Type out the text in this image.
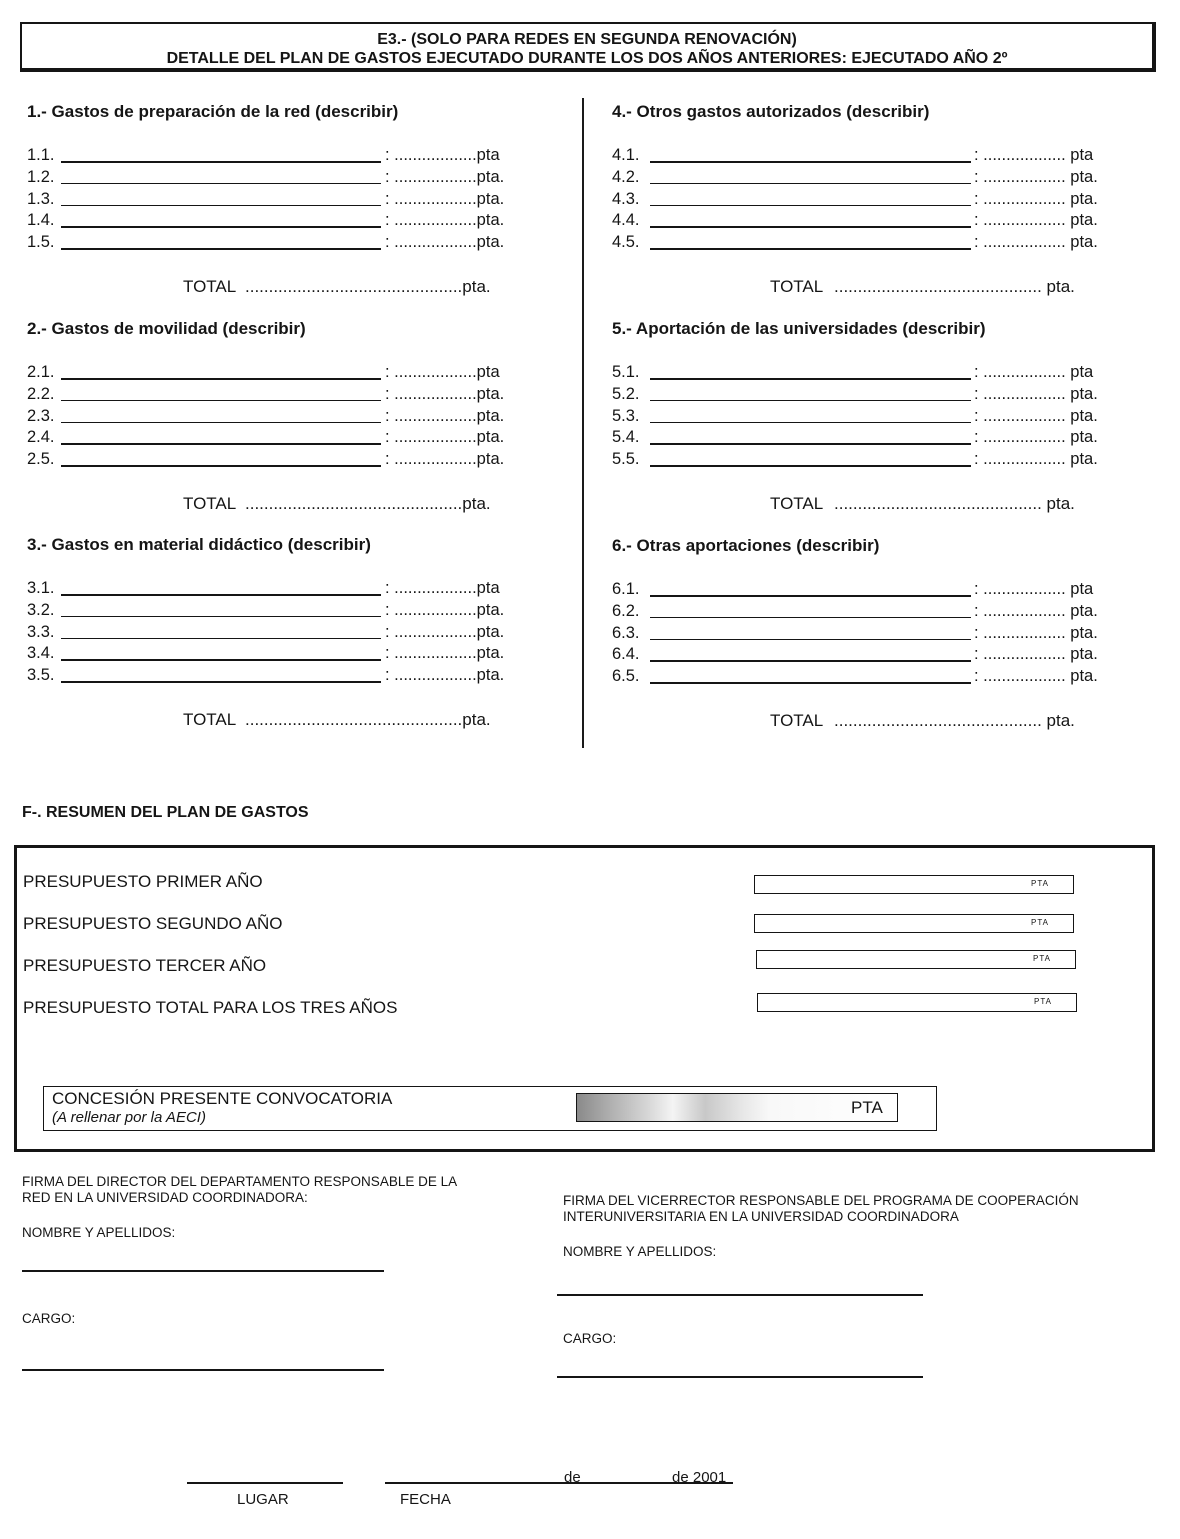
E3.- (SOLO PARA REDES EN SEGUNDA RENOVACIÓN)
DETALLE DEL PLAN DE GASTOS EJECUTADO DURANTE LOS DOS AÑOS ANTERIORES: EJECUTADO AÑO 2º
1.- Gastos de preparación de la red (describir)
1.1.	: ..................pta
1.2.	: ..................pta.
1.3.	: ..................pta.
1.4.	: ..................pta.
1.5.	: ..................pta.
TOTAL ..............................................pta.
2.- Gastos de movilidad (describir)
2.1.	: ..................pta
2.2.	: ..................pta.
2.3.	: ..................pta.
2.4.	: ..................pta.
2.5.	: ..................pta.
TOTAL ..............................................pta.
3.- Gastos en material didáctico (describir)
3.1.	: ..................pta
3.2.	: ..................pta.
3.3.	: ..................pta.
3.4.	: ..................pta.
3.5.	: ..................pta.
TOTAL ..............................................pta.
4.- Otros gastos autorizados (describir)
4.1.	: .................. pta
4.2.	: .................. pta.
4.3.	: .................. pta.
4.4.	: .................. pta.
4.5.	: .................. pta.
TOTAL ............................................ pta.
5.- Aportación de las universidades (describir)
5.1.	: .................. pta
5.2.	: .................. pta.
5.3.	: .................. pta.
5.4.	: .................. pta.
5.5.	: .................. pta.
TOTAL ............................................ pta.
6.- Otras aportaciones (describir)
6.1.	: .................. pta
6.2.	: .................. pta.
6.3.	: .................. pta.
6.4.	: .................. pta.
6.5.	: .................. pta.
TOTAL ............................................ pta.
F-. RESUMEN DEL PLAN DE GASTOS
PRESUPUESTO PRIMER AÑO	PTA
PRESUPUESTO SEGUNDO AÑO	PTA
PRESUPUESTO TERCER AÑO	PTA
PRESUPUESTO TOTAL PARA LOS TRES AÑOS	PTA
CONCESIÓN PRESENTE CONVOCATORIA
(A rellenar por la AECI)
PTA
FIRMA DEL DIRECTOR DEL DEPARTAMENTO RESPONSABLE DE LA
RED EN LA UNIVERSIDAD COORDINADORA:
NOMBRE Y APELLIDOS:
CARGO:
FIRMA DEL VICERRECTOR RESPONSABLE DEL PROGRAMA DE COOPERACIÓN
INTERUNIVERSITARIA EN LA UNIVERSIDAD COORDINADORA
NOMBRE Y APELLIDOS:
CARGO:
LUGAR
de	de 2001
FECHA
